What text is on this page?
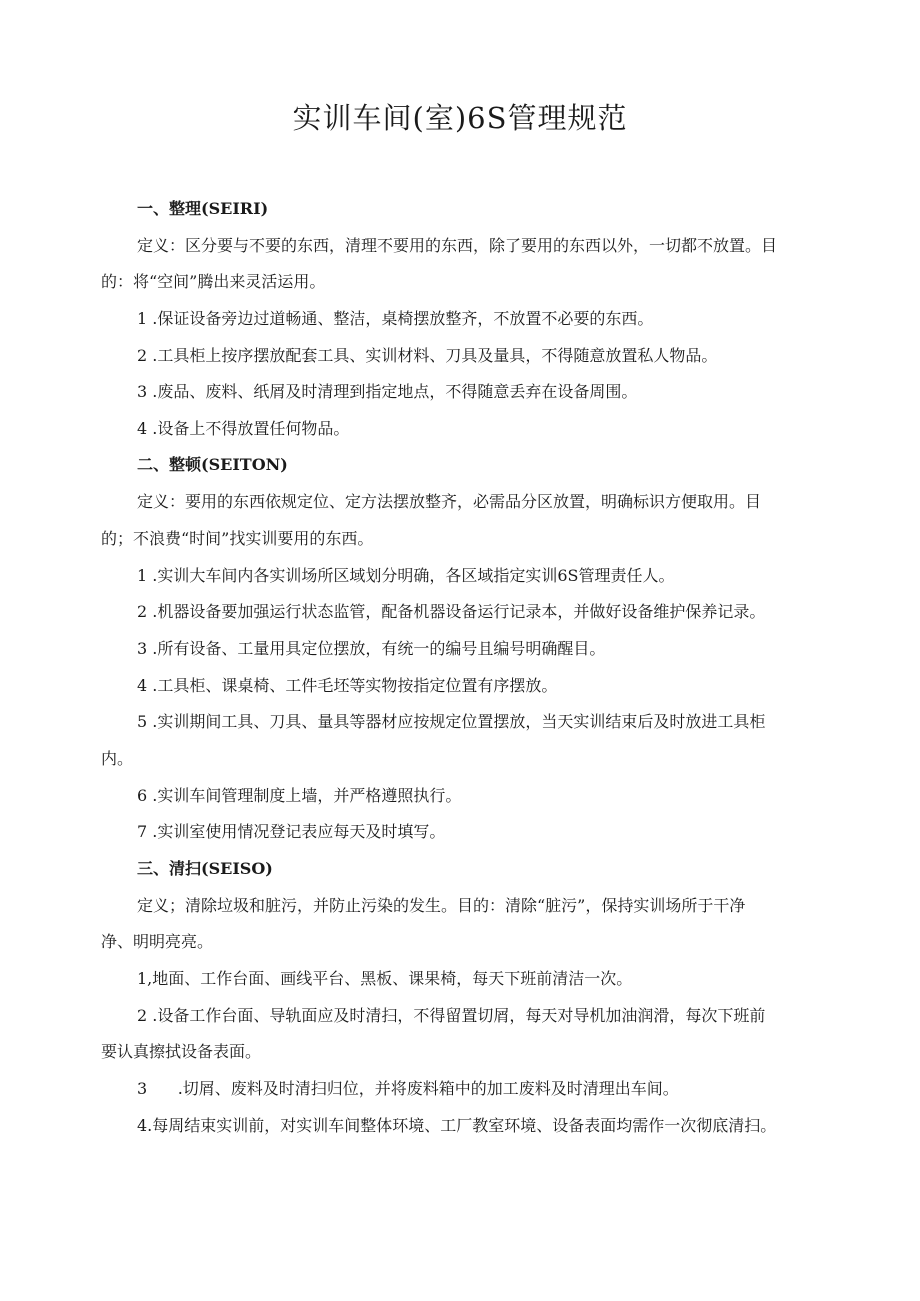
实训车间(室)6S管理规范
一、整理(SEIRI)
定义：区分要与不要的东西，清理不要用的东西，除了要用的东西以外，一切都不放置。目
的：将“空间”腾出来灵活运用。
1 .保证设备旁边过道畅通、整洁，桌椅摆放整齐，不放置不必要的东西。
2 .工具柜上按序摆放配套工具、实训材料、刀具及量具，不得随意放置私人物品。
3 .废品、废料、纸屑及时清理到指定地点，不得随意丢弃在设备周围。
4 .设备上不得放置任何物品。
二、整顿(SEITON)
定义：要用的东西依规定位、定方法摆放整齐，必需品分区放置，明确标识方便取用。目
的；不浪费“时间”找实训要用的东西。
1 .实训大车间内各实训场所区域划分明确，各区域指定实训6S管理责任人。
2 .机器设备要加强运行状态监管，配备机器设备运行记录本，并做好设备维护保养记录。
3 .所有设备、工量用具定位摆放，有统一的编号且编号明确醒目。
4 .工具柜、课桌椅、工件毛坯等实物按指定位置有序摆放。
5 .实训期间工具、刀具、量具等器材应按规定位置摆放，当天实训结束后及时放进工具柜
内。
6 .实训车间管理制度上墙，并严格遵照执行。
7 .实训室使用情况登记表应每天及时填写。
三、清扫(SEISO)
定义；清除垃圾和脏污，并防止污染的发生。目的：清除“脏污”，保持实训场所于干净
净、明明亮亮。
1,地面、工作台面、画线平台、黑板、课果椅，每天下班前清洁一次。
2 .设备工作台面、导轨面应及时清扫，不得留置切屑，每天对导机加油润滑，每次下班前
要认真擦拭设备表面。
3      .切屑、废料及时清扫归位，并将废料箱中的加工废料及时清理出车间。
4.每周结束实训前，对实训车间整体环境、工厂教室环境、设备表面均需作一次彻底清扫。
